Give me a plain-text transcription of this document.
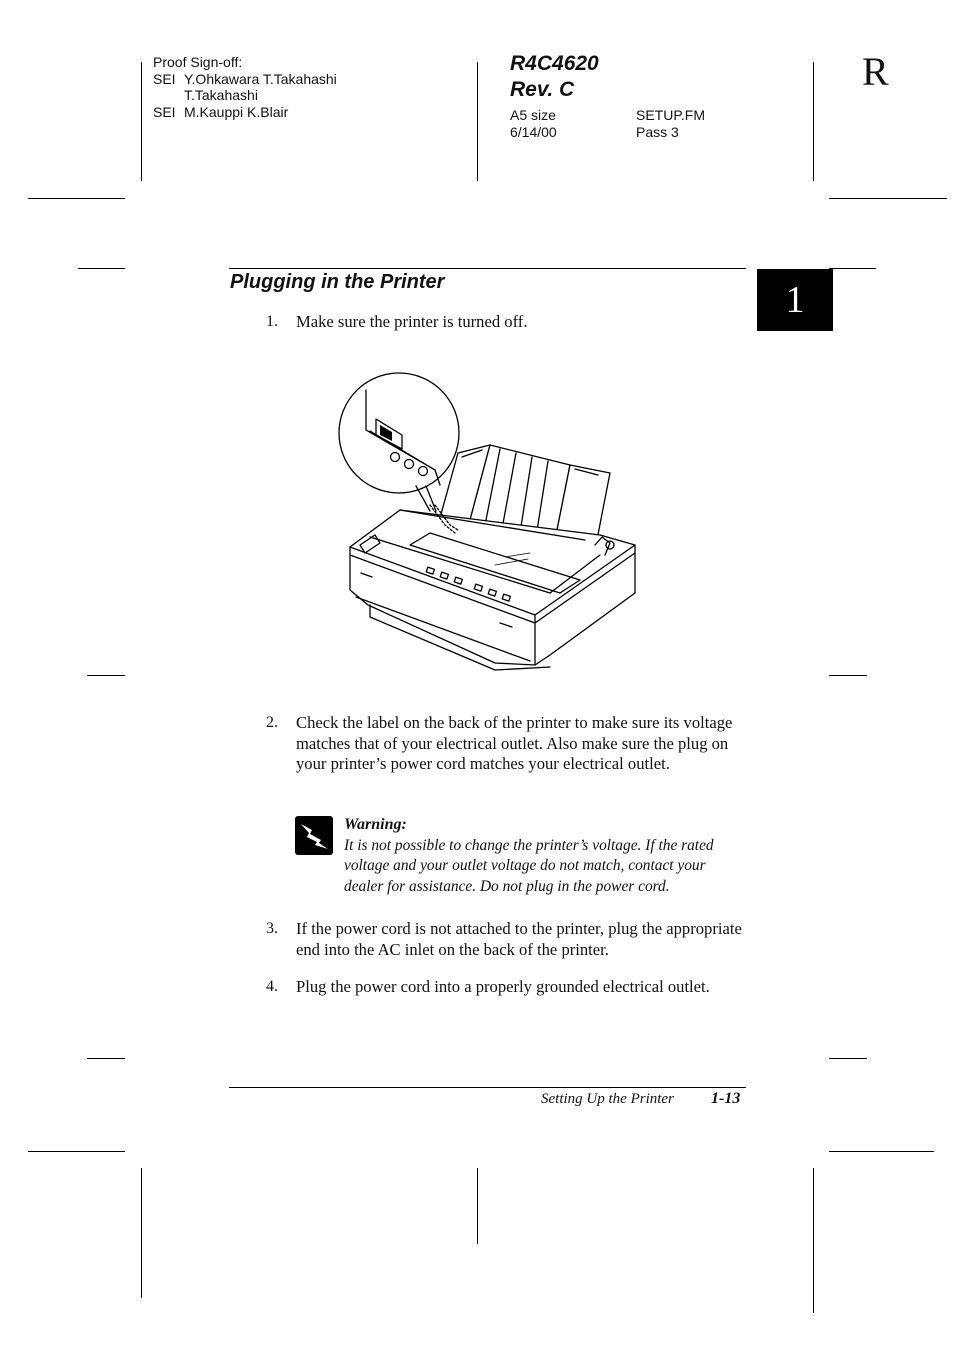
Proof Sign-off:
SEI Y.Ohkawara T.Takahashi
T.Takahashi
SEI M.Kauppi K.Blair
R4C4620
Rev. C
A5 size	SETUP.FM
6/14/00	Pass 3
R
1
Plugging in the Printer
1. Make sure the printer is turned off.
2. Check the label on the back of the printer to make sure its voltage matches that of your electrical outlet. Also make sure the plug on your printer’s power cord matches your electrical outlet.
Warning:
It is not possible to change the printer’s voltage. If the rated voltage and your outlet voltage do not match, contact your dealer for assistance. Do not plug in the power cord.
3. If the power cord is not attached to the printer, plug the appropriate end into the AC inlet on the back of the printer.
4. Plug the power cord into a properly grounded electrical outlet.
Setting Up the Printer 1-13
